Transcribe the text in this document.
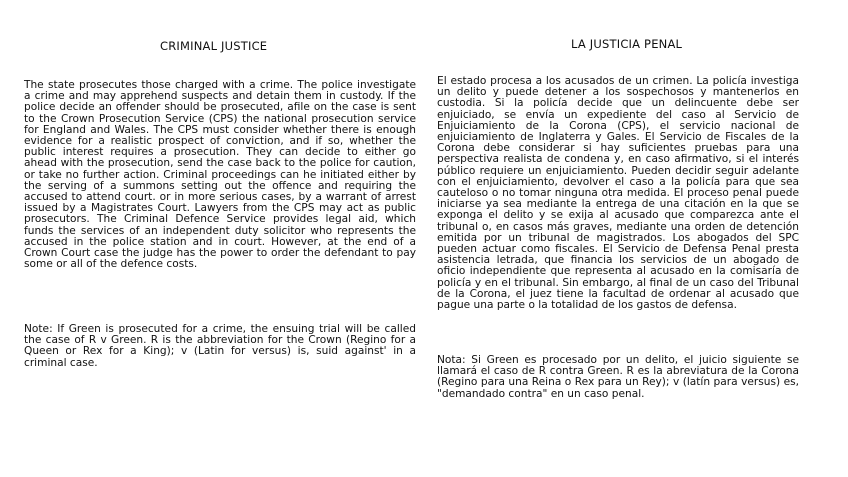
CRIMINAL JUSTICE

The state prosecutes those charged with a crime. The police investigate a crime and may apprehend suspects and detain them in custody. If the police decide an offender should be prosecuted, afile on the case is sent to the Crown Prosecution Service (CPS) the national prosecution service for England and Wales. The CPS must consider whether there is enough evidence for a realistic prospect of conviction, and if so, whether the public interest requires a prosecution. They can decide to either go ahead with the prosecution, send the case back to the police for caution, or take no further action. Criminal proceedings can he initiated either by the serving of a summons setting out the offence and requiring the accused to attend court. or in more serious cases, by a warrant of arrest issued by a Magistrates Court. Lawyers from the CPS may act as public prosecutors. The Criminal Defence Service provides legal aid, which funds the services of an independent duty solicitor who represents the accused in the police station and in court. However, at the end of a Crown Court case the judge has the power to order the defendant to pay some or all of the defence costs.

Note: If Green is prosecuted for a crime, the ensuing trial will be called the case of R v Green. R is the abbreviation for the Crown (Regino for a Queen or Rex for a King); v (Latin for versus) is, suid against' in a criminal case.

LA JUSTICIA PENAL

El estado procesa a los acusados de un crimen. La policía investiga un delito y puede detener a los sospechosos y mantenerlos en custodia. Si la policía decide que un delincuente debe ser enjuiciado, se envía un expediente del caso al Servicio de Enjuiciamiento de la Corona (CPS), el servicio nacional de enjuiciamiento de Inglaterra y Gales. El Servicio de Fiscales de la Corona debe considerar si hay suficientes pruebas para una perspectiva realista de condena y, en caso afirmativo, si el interés público requiere un enjuiciamiento. Pueden decidir seguir adelante con el enjuiciamiento, devolver el caso a la policía para que sea cauteloso o no tomar ninguna otra medida. El proceso penal puede iniciarse ya sea mediante la entrega de una citación en la que se exponga el delito y se exija al acusado que comparezca ante el tribunal o, en casos más graves, mediante una orden de detención emitida por un tribunal de magistrados. Los abogados del SPC pueden actuar como fiscales. El Servicio de Defensa Penal presta asistencia letrada, que financia los servicios de un abogado de oficio independiente que representa al acusado en la comisaría de policía y en el tribunal. Sin embargo, al final de un caso del Tribunal de la Corona, el juez tiene la facultad de ordenar al acusado que pague una parte o la totalidad de los gastos de defensa.

Nota: Si Green es procesado por un delito, el juicio siguiente se llamará el caso de R contra Green. R es la abreviatura de la Corona (Regino para una Reina o Rex para un Rey); v (latín para versus) es, "demandado contra" en un caso penal.
